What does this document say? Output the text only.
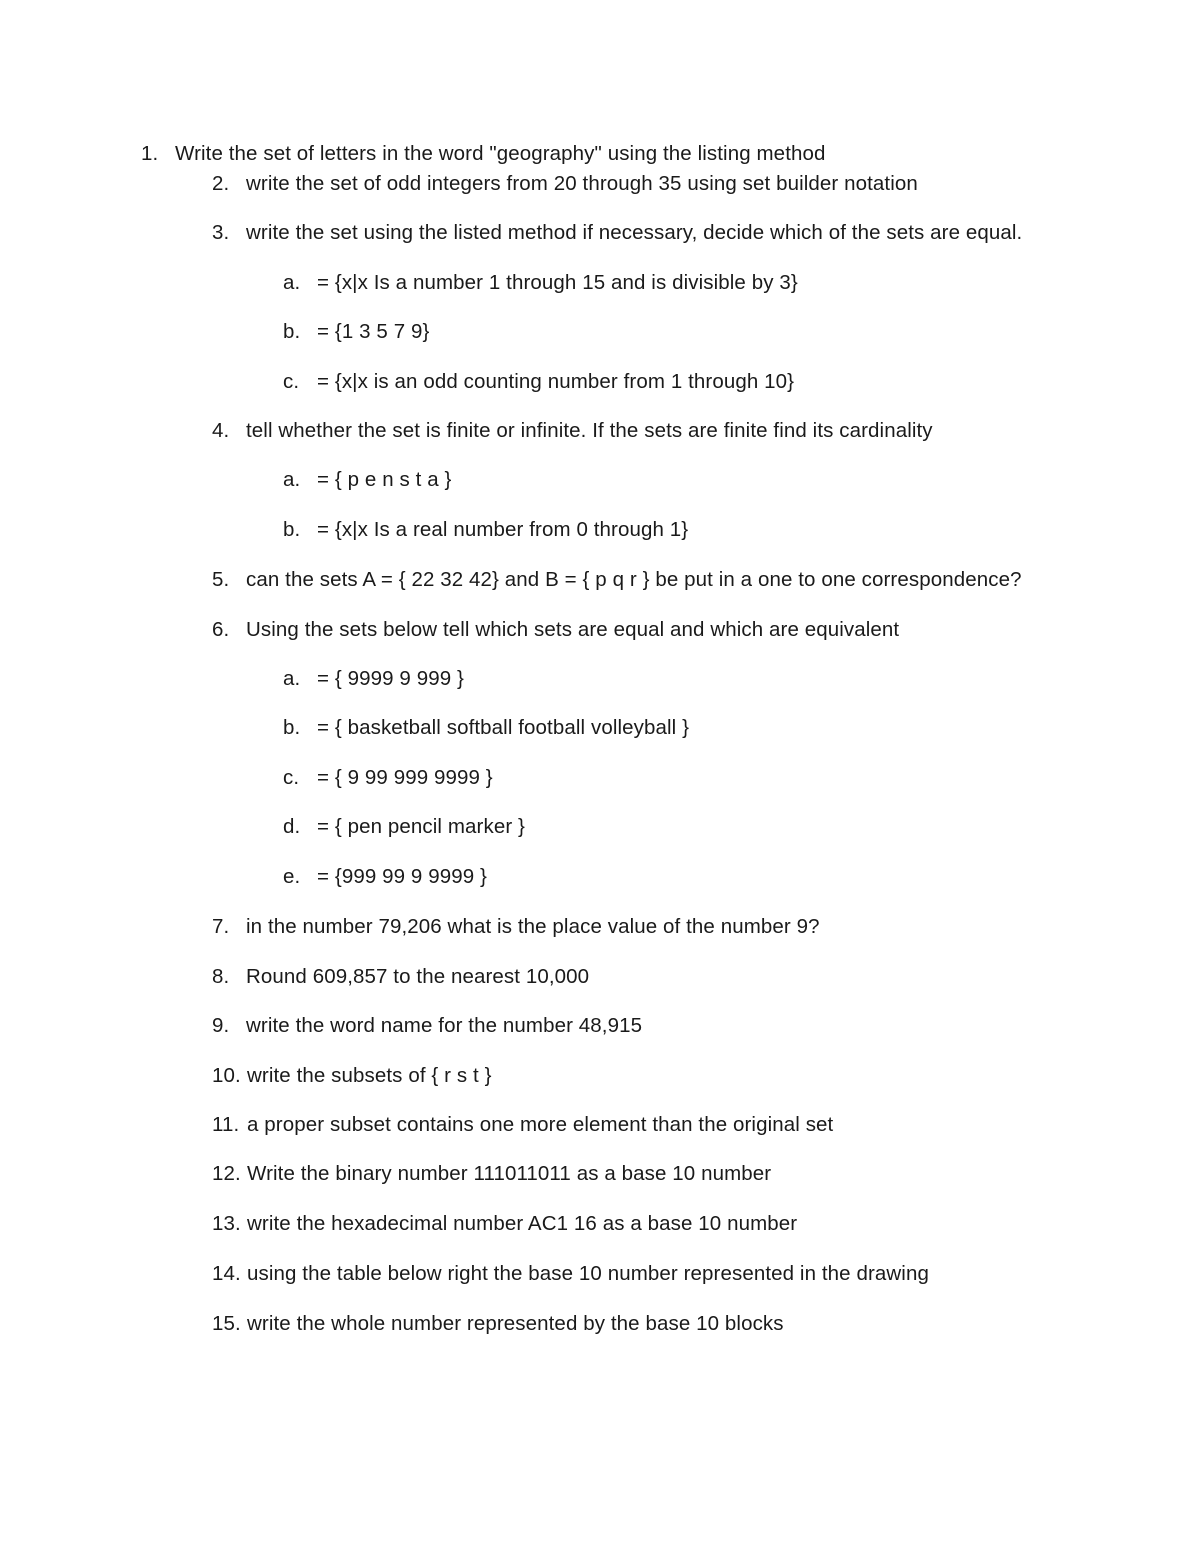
1. Write the set of letters in the word "geography" using the listing method
2. write the set of odd integers from 20 through 35 using set builder notation
3. write the set using the listed method if necessary, decide which of the sets are equal.
a. = {x|x Is a number 1 through 15 and is divisible by 3}
b. = {1 3 5 7 9}
c. = {x|x is an odd counting number from 1 through 10}
4. tell whether the set is finite or infinite. If the sets are finite find its cardinality
a. = { p e n s t a }
b. = {x|x Is a real number from 0 through 1}
5. can the sets A = { 22 32 42} and B = { p q r } be put in a one to one correspondence?
6. Using the sets below tell which sets are equal and which are equivalent
a. = { 9999 9 999 }
b. = { basketball softball football volleyball }
c. = { 9 99 999 9999 }
d. = { pen pencil marker }
e. = {999 99 9 9999 }
7. in the number 79,206 what is the place value of the number 9?
8. Round 609,857 to the nearest 10,000
9. write the word name for the number 48,915
10. write the subsets of { r s t }
11. a proper subset contains one more element than the original set
12. Write the binary number 111011011 as a base 10 number
13. write the hexadecimal number AC1 16 as a base 10 number
14. using the table below right the base 10 number represented in the drawing
15. write the whole number represented by the base 10 blocks
